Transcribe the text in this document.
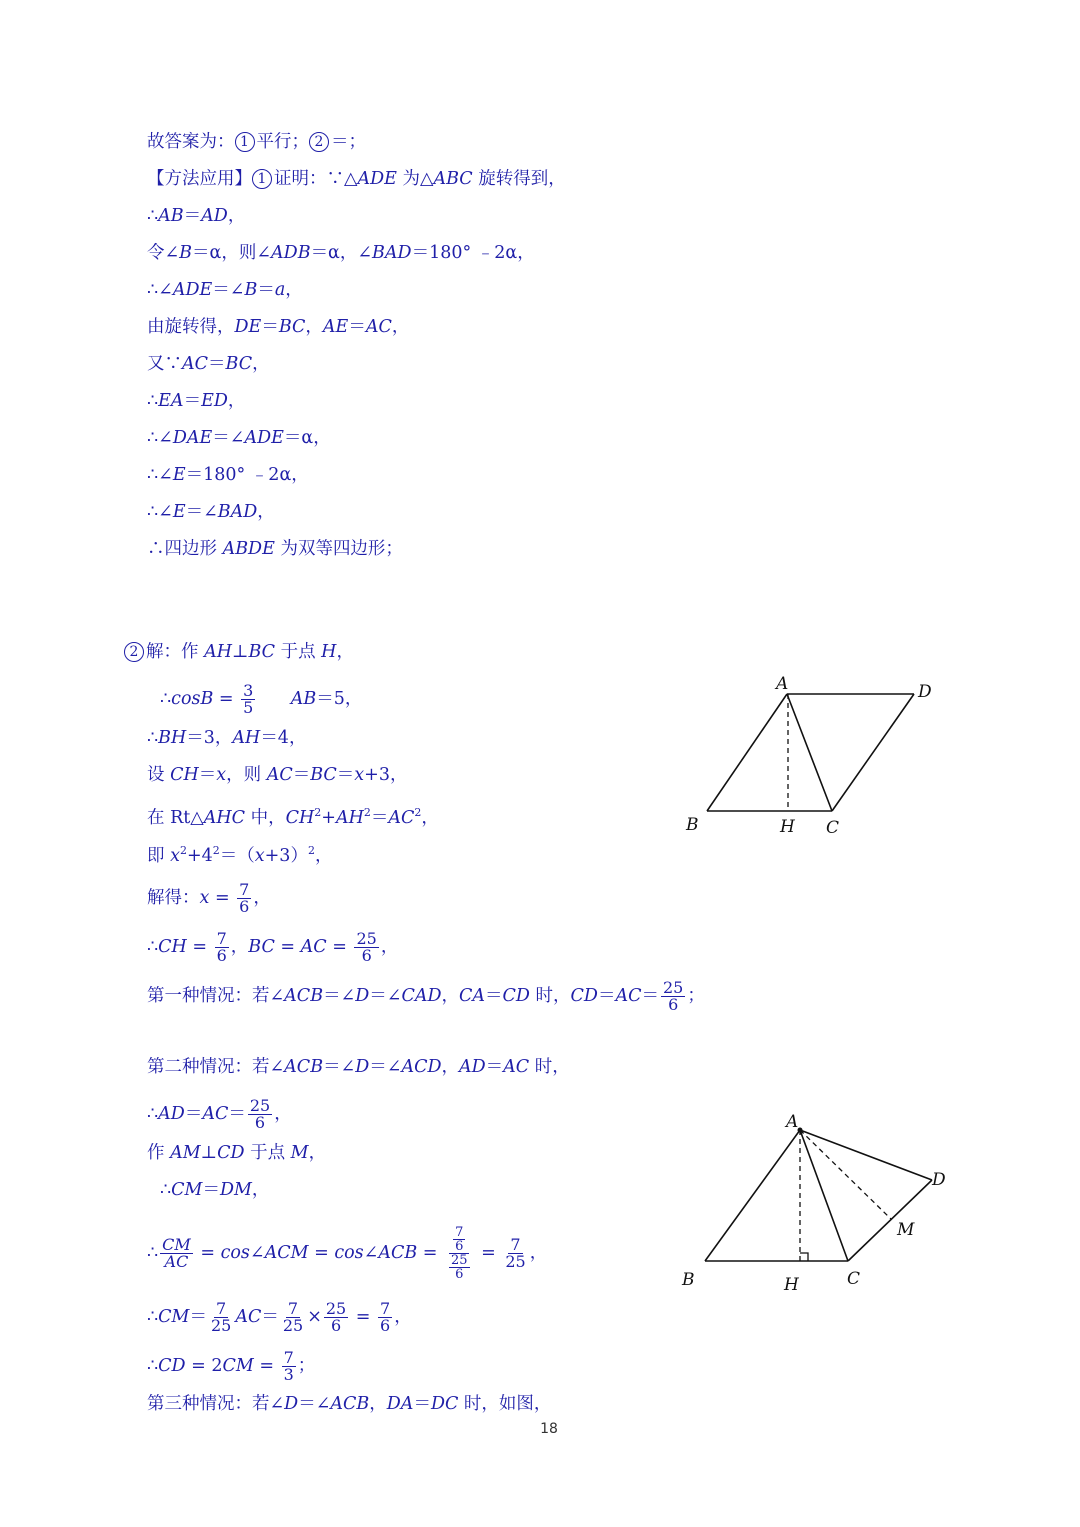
故答案为： 1 平行； 2 ＝；
【方法应用】 1 证明：∵△ADE 为△ABC 旋转得到，
∴AB＝AD，
令∠B＝α，则∠ADB＝α，∠BAD＝180° ﹣2α，
∴∠ADE＝∠B＝a，
由旋转得，DE＝BC，AE＝AC，
又∵AC＝BC，
∴EA＝ED，
∴∠DAE＝∠ADE＝α，
∴∠E＝180° ﹣2α，
∴∠E＝∠BAD，
∴四边形 ABDE 为双等四边形；
2 解：作 AH⊥BC 于点 H，
∴cosB = $\frac{3}{5} AB=5$，
∴BH＝3，AH＝4，
设 CH＝x，则 AC＝BC＝x+3，
在 Rt△AHC 中，$CH^2+AH^2=AC^2$，
即 $x^2+4^2=(x+3)^2$，
解得：$x = \frac{7}{6}$ ，
∴CH = $\frac{7}{6}$ ，BC = AC = $\frac{25}{6}$ ，
第一种情况：若∠ACB＝∠D＝∠CAD，CA＝CD 时，$CD=AC= \frac{25}{6}$ ；
第二种情况：若∠ACB＝∠D＝∠ACD，AD＝AC 时，
∴AD＝AC＝ $\frac{25}{6}$ ，
作 AM⊥CD 于点 M，
∴CM＝DM，
∴ $\frac{CM}{AC}$ = cos∠ACM = cos∠ACB = $\frac{\frac{7}{6}}{\frac{25}{6}} = \frac{7}{25}$ ，
∴CM＝ $\frac{7}{25} AC= \frac{7}{25} \times \frac{25}{6} = \frac{7}{6}$ ，
∴CD = $2CM = \frac{7}{3}$ ；
第三种情况：若∠D＝∠ACB，DA＝DC 时，如图，
A	D
B	H C
A
D
M
B	H	C
18
